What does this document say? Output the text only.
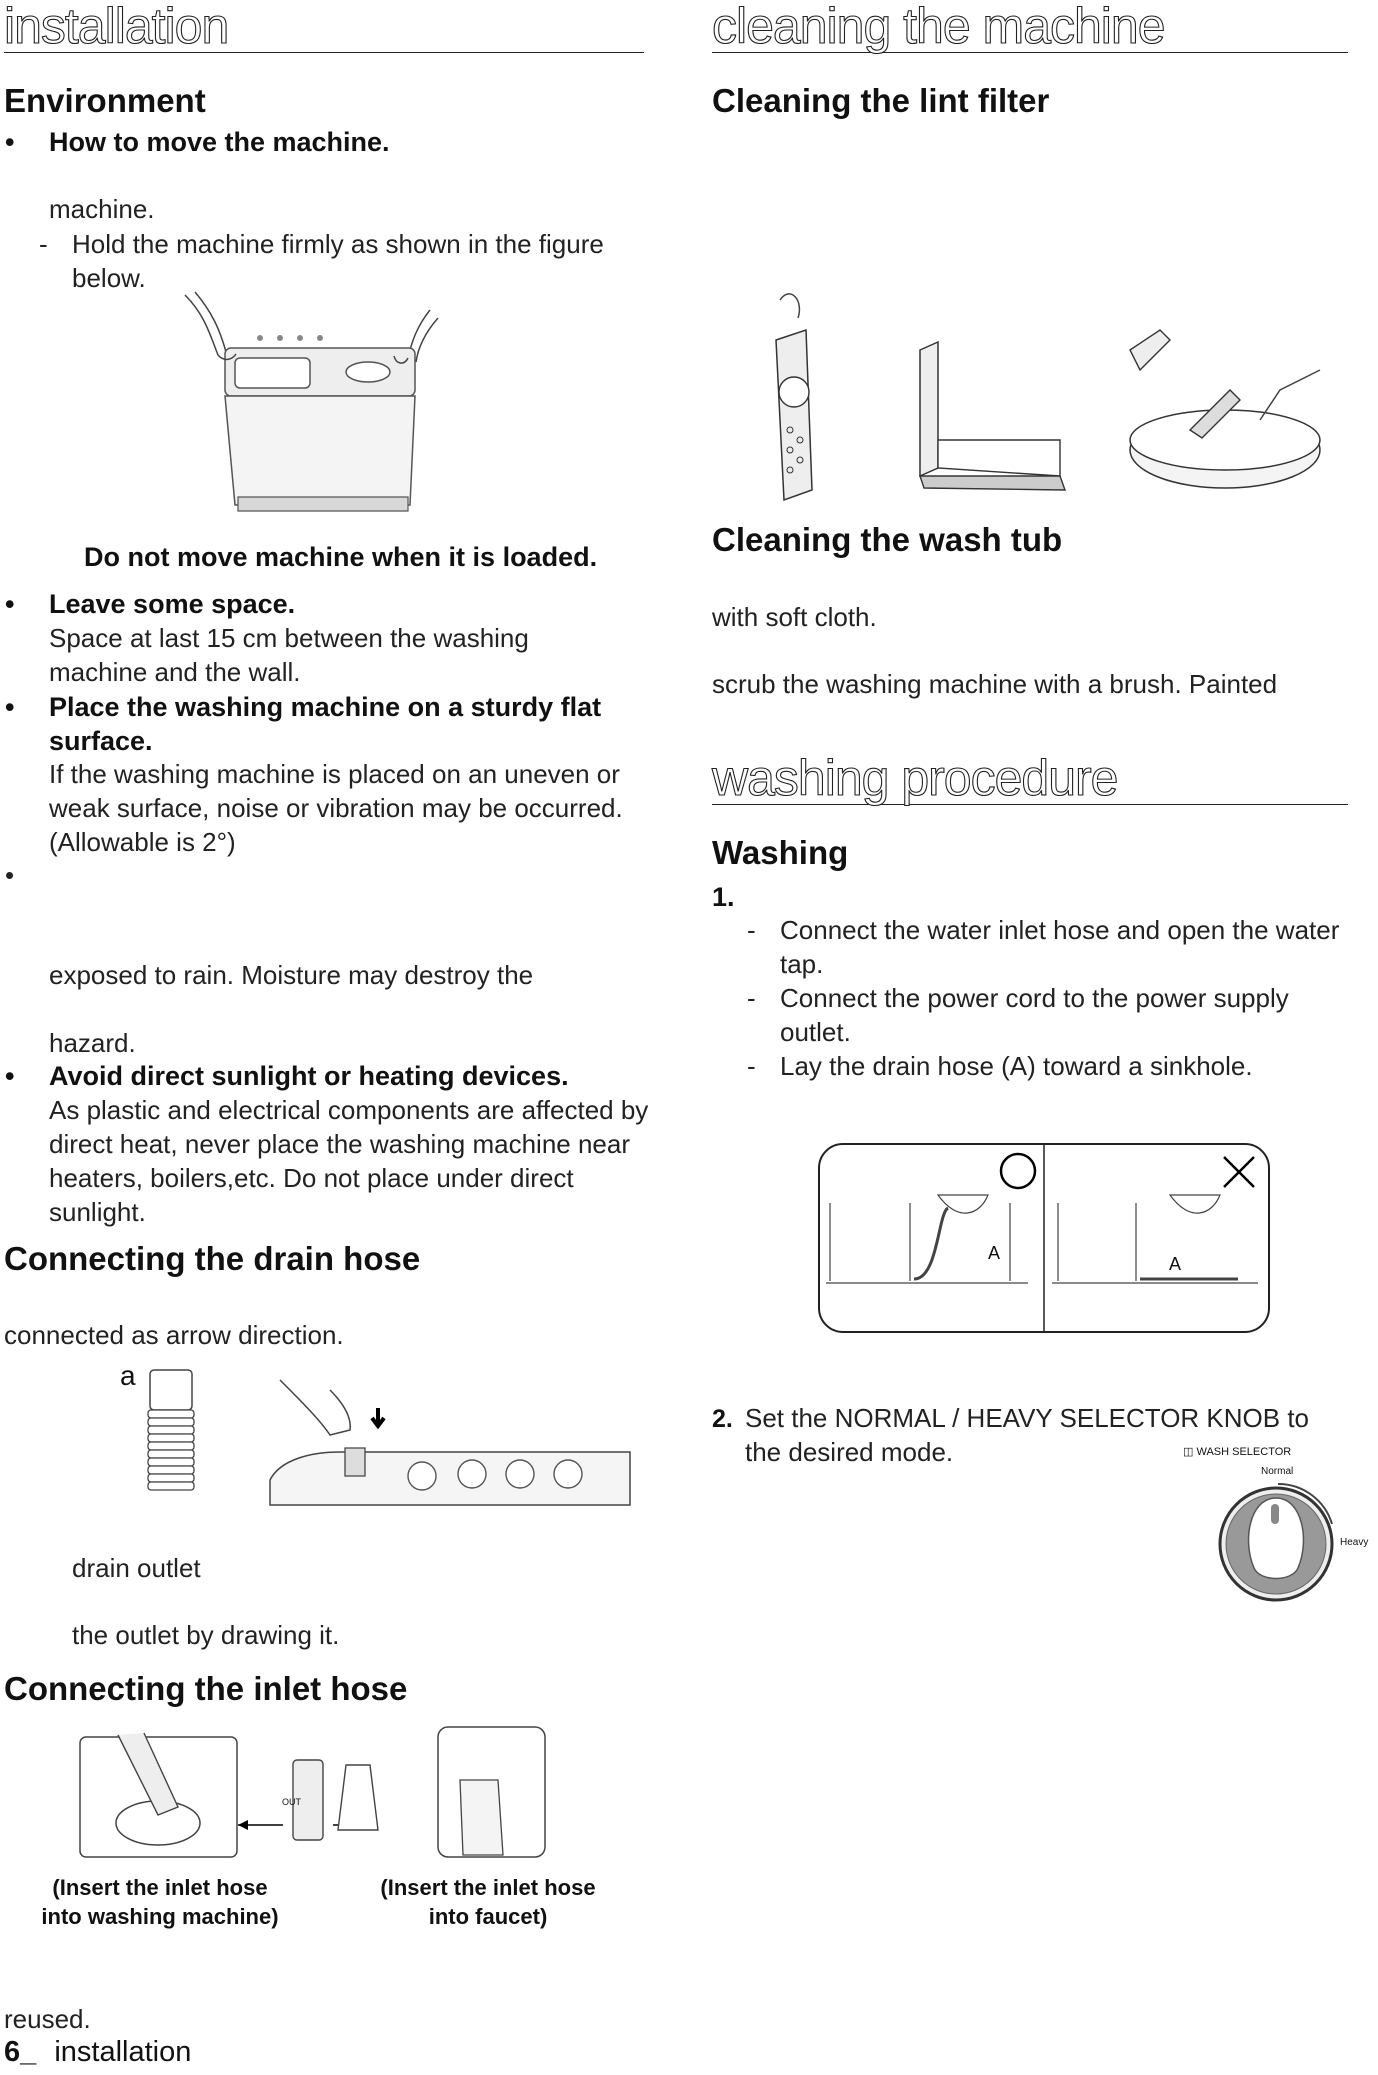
installation
Environment
• How to move the machine.
machine.
- Hold the machine firmly as shown in the figure below.
Do not move machine when it is loaded.
• Leave some space.
Space at last 15 cm between the washing machine and the wall.
• Place the washing machine on a sturdy flat surface.
If the washing machine is placed on an uneven or weak surface, noise or vibration may be occurred. (Allowable is 2°)
•
exposed to rain. Moisture may destroy the
hazard.
• Avoid direct sunlight or heating devices.
As plastic and electrical components are affected by direct heat, never place the washing machine near heaters, boilers,etc. Do not place under direct sunlight.
Connecting the drain hose
connected as arrow direction.
a
drain outlet
the outlet by drawing it.
Connecting the inlet hose
OUT
(Insert the inlet hose
into washing machine)
(Insert the inlet hose
into faucet)
reused.
6_ installation
cleaning the machine
Cleaning the lint filter
Cleaning the wash tub
with soft cloth.
scrub the washing machine with a brush. Painted
washing procedure
Washing
1.
- Connect the water inlet hose and open the water tap.
- Connect the power cord to the power supply outlet.
- Lay the drain hose (A) toward a sinkhole.
A
A
2. Set the NORMAL / HEAVY SELECTOR KNOB to the desired mode.	◫ WASH SELECTOR
Normal
Heavy
